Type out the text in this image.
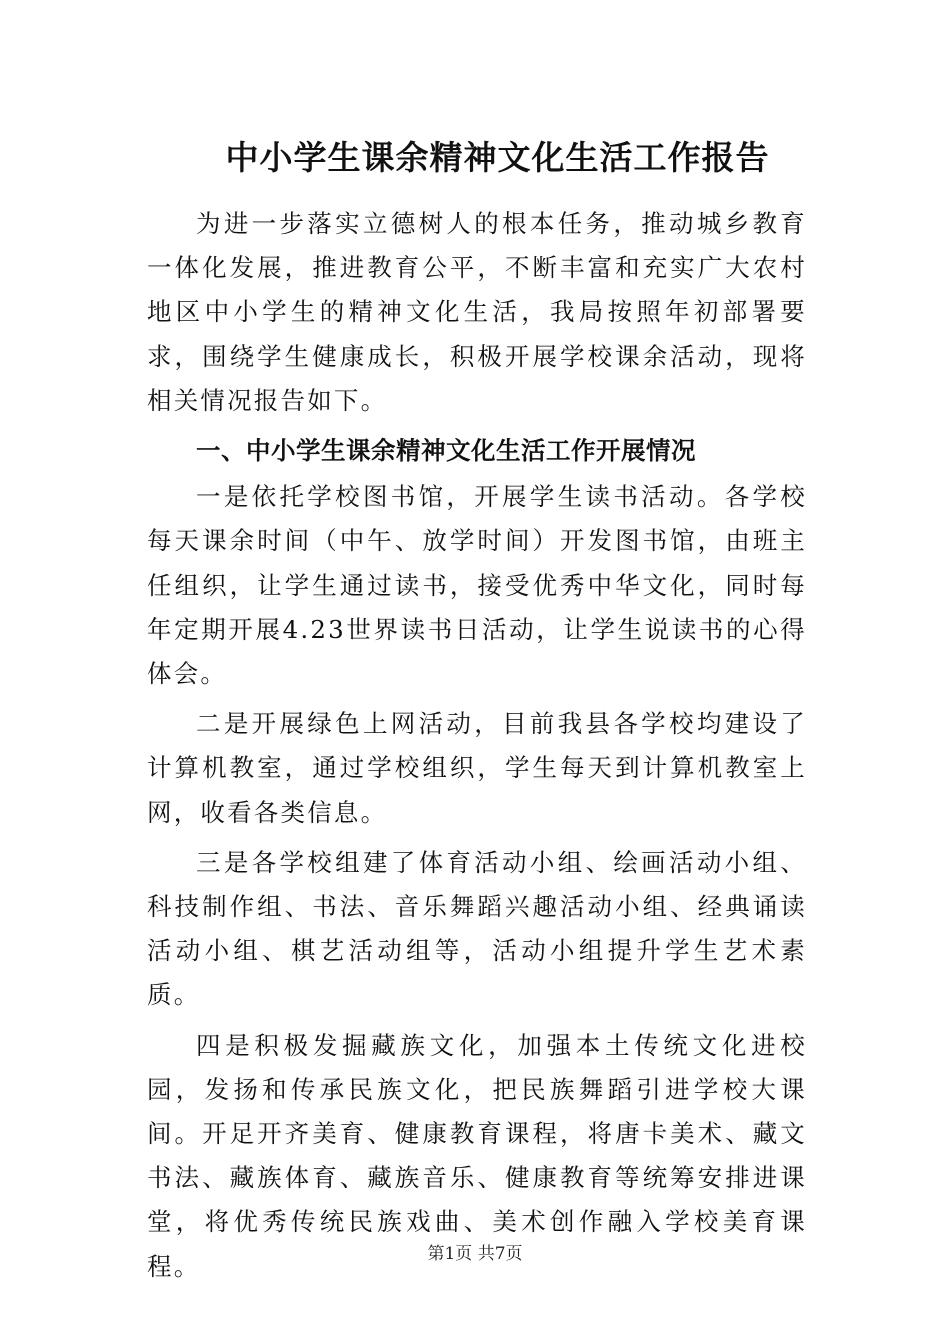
中小学生课余精神文化生活工作报告

为进一步落实立德树人的根本任务，推动城乡教育一体化发展，推进教育公平，不断丰富和充实广大农村地区中小学生的精神文化生活，我局按照年初部署要求，围绕学生健康成长，积极开展学校课余活动，现将相关情况报告如下。

一、中小学生课余精神文化生活工作开展情况

一是依托学校图书馆，开展学生读书活动。各学校每天课余时间（中午、放学时间）开发图书馆，由班主任组织，让学生通过读书，接受优秀中华文化，同时每年定期开展4.23世界读书日活动，让学生说读书的心得体会。

二是开展绿色上网活动，目前我县各学校均建设了计算机教室，通过学校组织，学生每天到计算机教室上网，收看各类信息。

三是各学校组建了体育活动小组、绘画活动小组、科技制作组、书法、音乐舞蹈兴趣活动小组、经典诵读活动小组、棋艺活动组等，活动小组提升学生艺术素质。

四是积极发掘藏族文化，加强本土传统文化进校园，发扬和传承民族文化，把民族舞蹈引进学校大课间。开足开齐美育、健康教育课程，将唐卡美术、藏文书法、藏族体育、藏族音乐、健康教育等统筹安排进课堂，将优秀传统民族戏曲、美术创作融入学校美育课程。	第1页 共7页
